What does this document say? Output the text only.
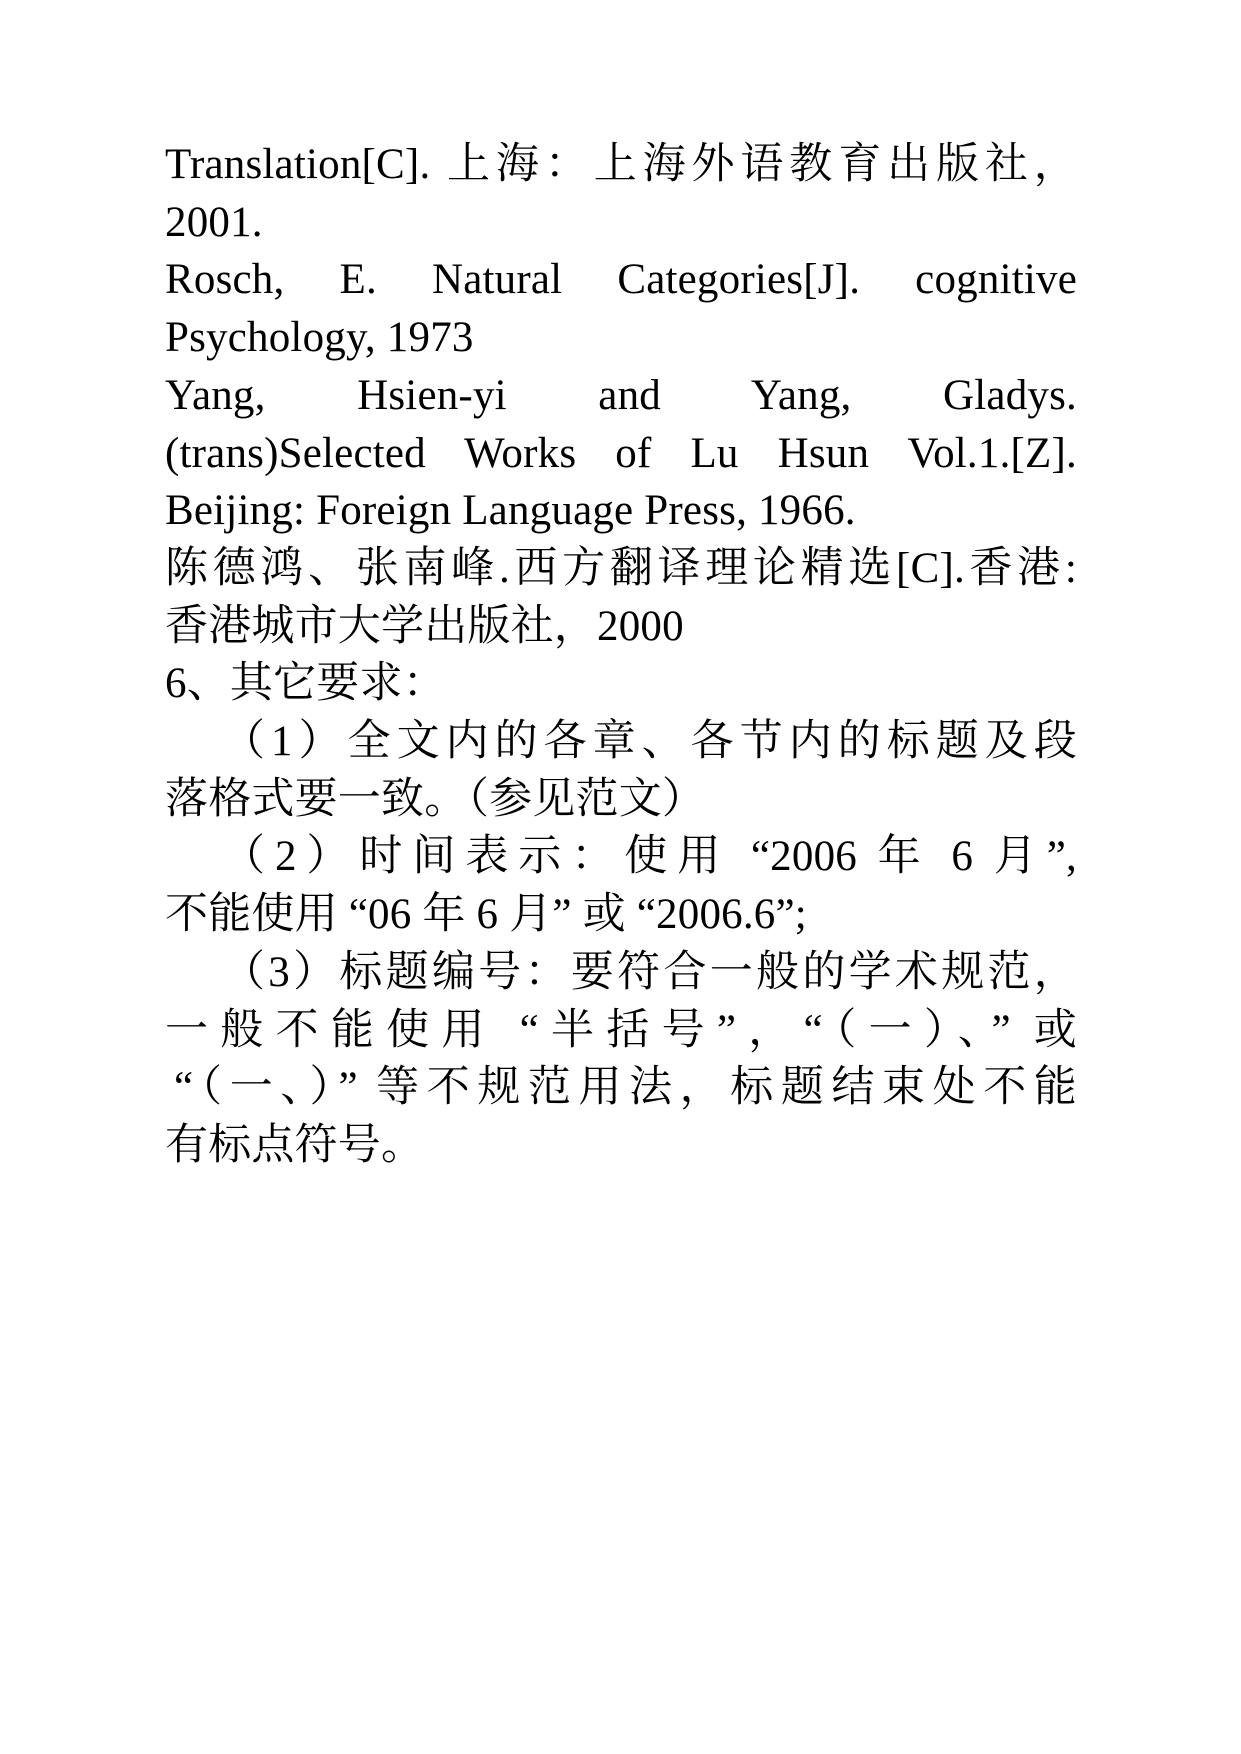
Translation[C]. 上海：上海外语教育出版社，
2001.
Rosch, E. Natural Categories[J]. cognitive
Psychology, 1973
Yang, Hsien-yi and Yang, Gladys.
(trans)Selected Works of Lu Hsun Vol.1.[Z].
Beijing: Foreign Language Press, 1966.
陈德鸿、张南峰.西方翻译理论精选[C].香港:
香港城市大学出版社，2000
6、其它要求：
（1）全文内的各章、各节内的标题及段
落格式要一致。（参见范文）
（2）时间表示：使用 “2006 年 6 月”,
不能使用 “06 年 6 月” 或 “2006.6”;
（3）标题编号：要符合一般的学术规范，
一般不能使用 “半括号”，“（一）、” 或
“（一、）” 等不规范用法，标题结束处不能
有标点符号。
